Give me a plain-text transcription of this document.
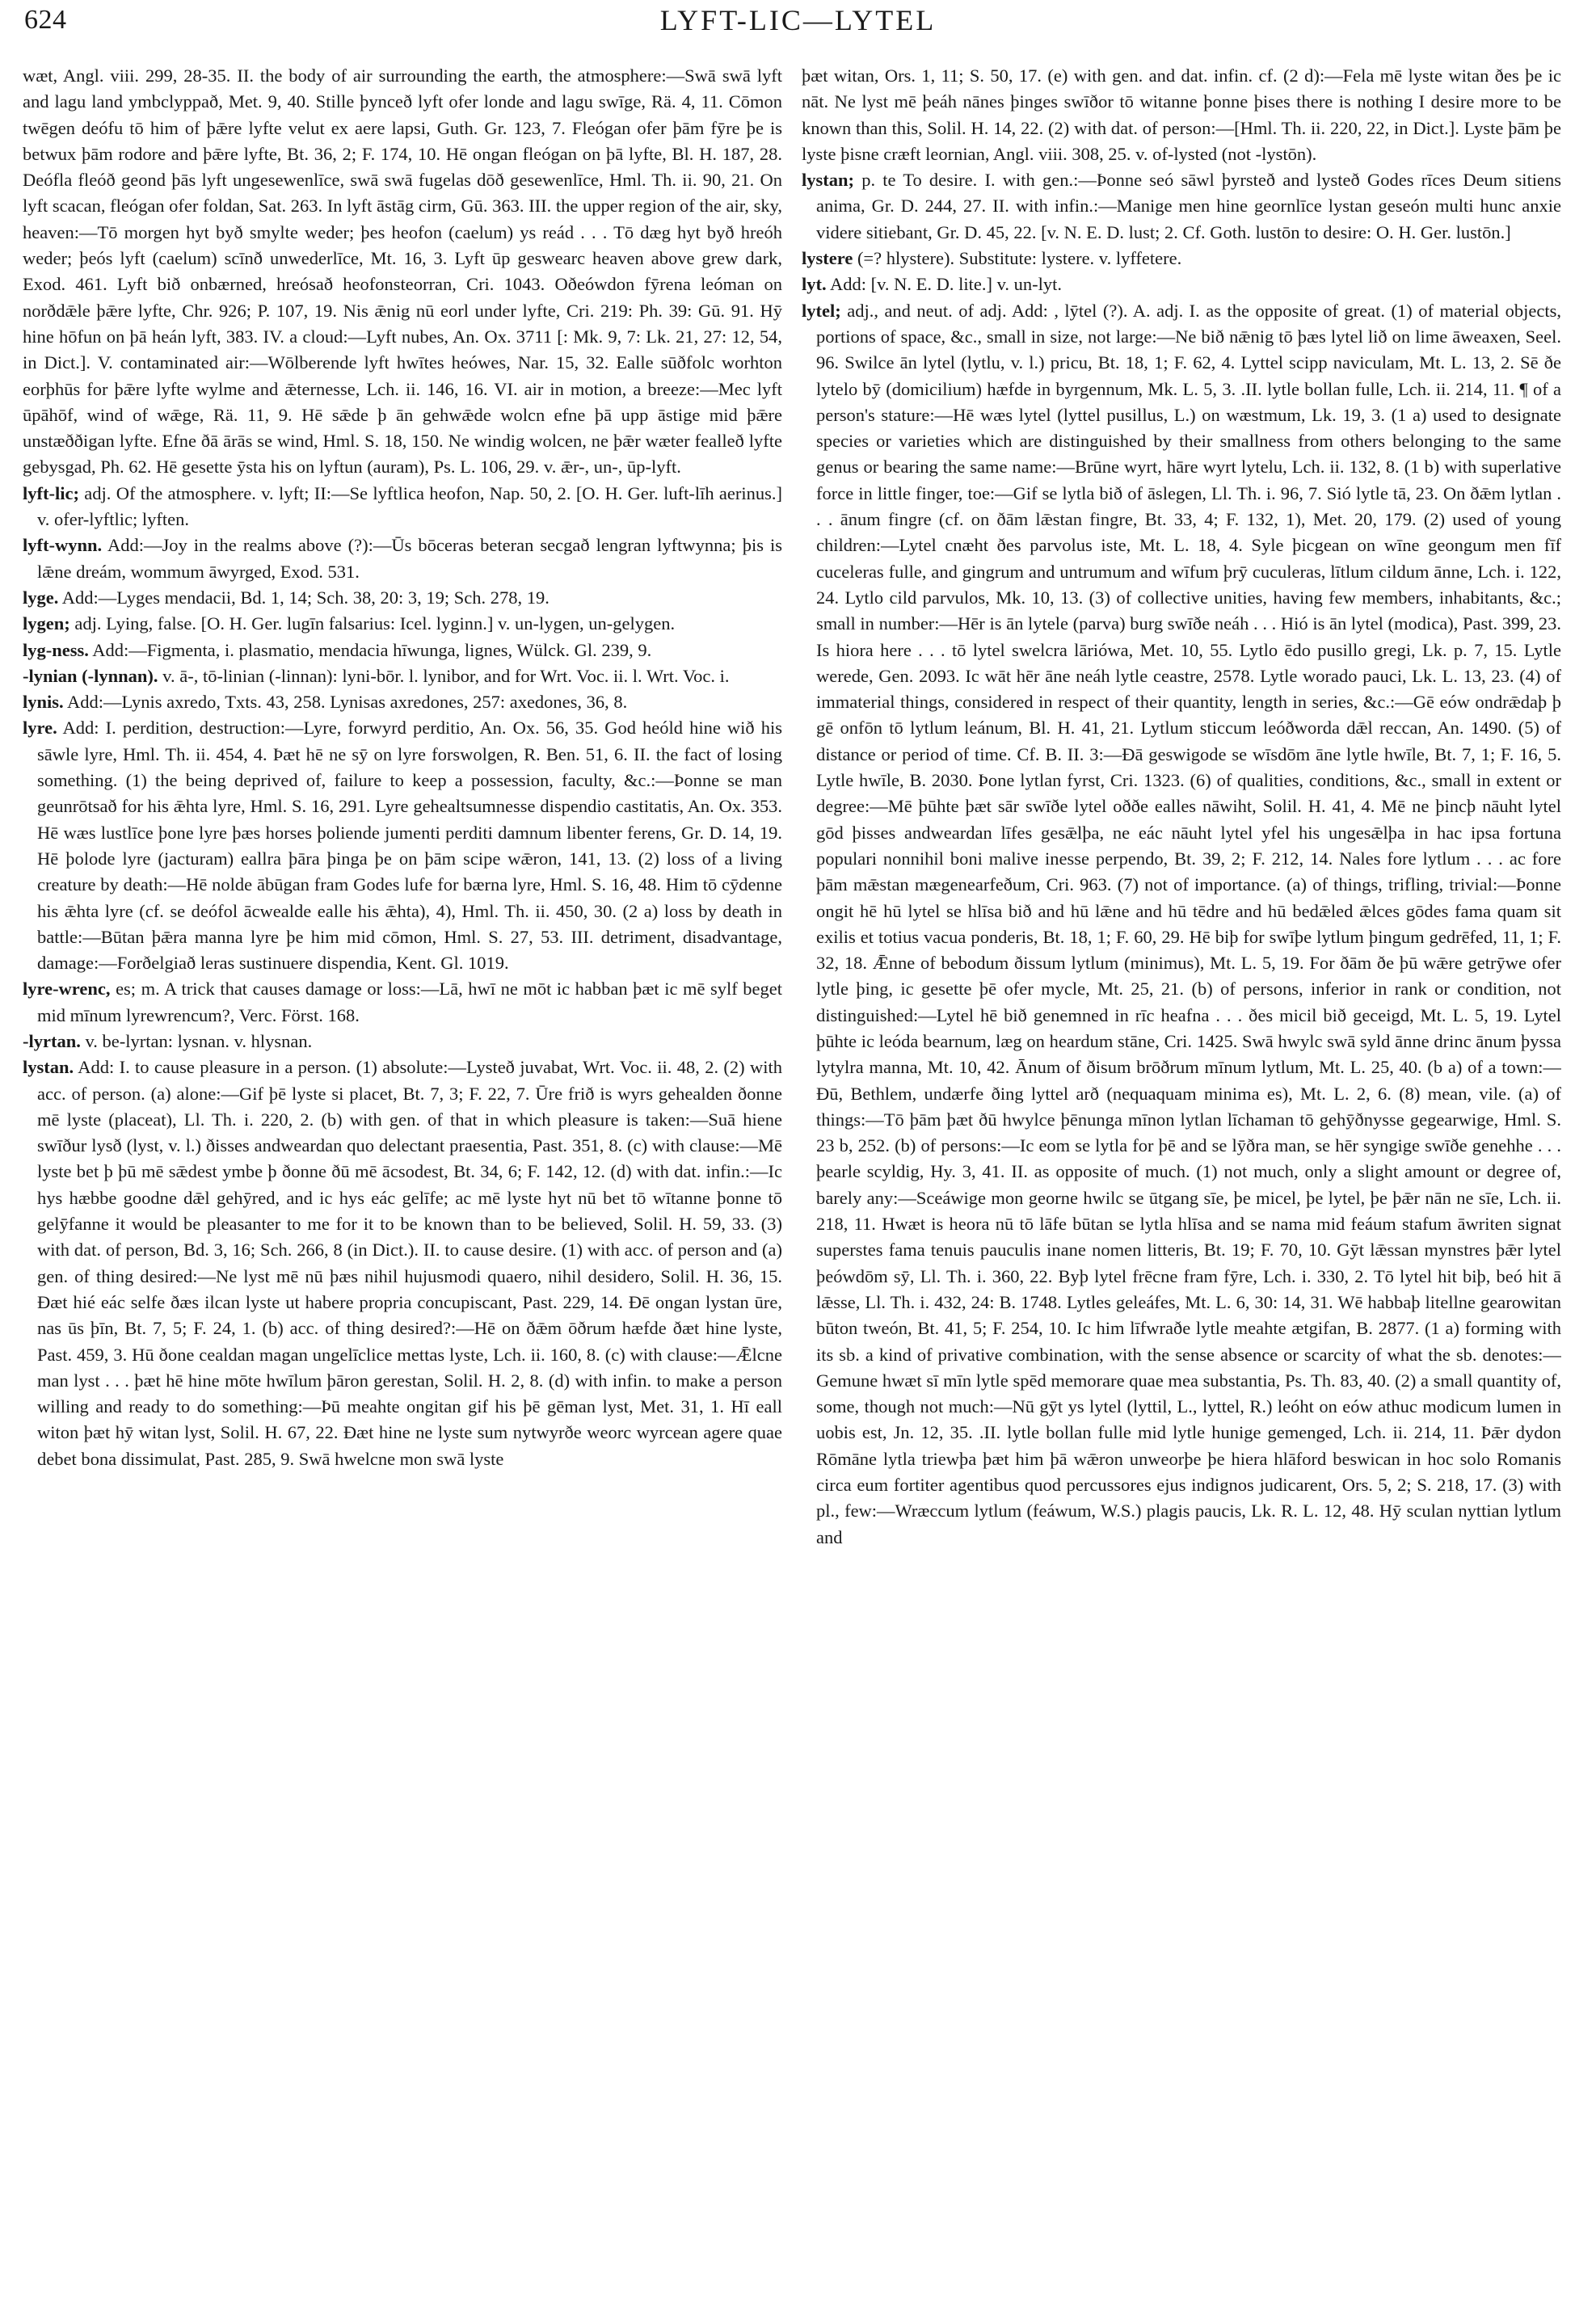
624	LYFT-LIC—LYTEL

wæt, Angl. viii. 299, 28-35. II. the body of air surrounding the earth, the atmosphere:—Swā swā lyft and lagu land ymbclyppað, Met. 9, 40. Stille þynceð lyft ofer londe and lagu swīge, Rä. 4, 11. Cōmon twēgen deófu tō him of þǣre lyfte velut ex aere lapsi, Guth. Gr. 123, 7. Fleógan ofer þām fȳre þe is betwux þām rodore and þǣre lyfte, Bt. 36, 2; F. 174, 10. Hē ongan fleógan on þā lyfte, Bl. H. 187, 28. Deófla fleóð geond þās lyft ungesewenlīce, swā swā fugelas dōð gesewenlīce, Hml. Th. ii. 90, 21. On lyft scacan, fleógan ofer foldan, Sat. 263. In lyft āstāg cirm, Gū. 363. III. the upper region of the air, sky, heaven:—Tō morgen hyt byð smylte weder; þes heofon (caelum) ys reád . . . Tō dæg hyt byð hreóh weder; þeós lyft (caelum) scīnð unwederlīce, Mt. 16, 3. Lyft ūp geswearc heaven above grew dark, Exod. 461. Lyft bið onbærned, hreósað heofonsteorran, Cri. 1043. Oðeówdon fȳrena leóman on norðdǣle þǣre lyfte, Chr. 926; P. 107, 19. Nis ǣnig nū eorl under lyfte, Cri. 219: Ph. 39: Gū. 91. Hȳ hine hōfun on þā heán lyft, 383. IV. a cloud:—Lyft nubes, An. Ox. 3711 [: Mk. 9, 7: Lk. 21, 27: 12, 54, in Dict.]. V. contaminated air:—Wōlberende lyft hwītes heówes, Nar. 15, 32. Ealle sūðfolc worhton eorþhūs for þǣre lyfte wylme and ǣternesse, Lch. ii. 146, 16. VI. air in motion, a breeze:—Mec lyft ūpāhōf, wind of wǣge, Rä. 11, 9. Hē sǣde þ ān gehwǣde wolcn efne þā upp āstige mid þǣre unstæððigan lyfte. Efne ðā ārās se wind, Hml. S. 18, 150. Ne windig wolcen, ne þǣr wæter fealleð lyfte gebysgad, Ph. 62. Hē gesette ȳsta his on lyftun (auram), Ps. L. 106, 29. v. ǣr-, un-, ūp-lyft.

lyft-lic; adj. Of the atmosphere. v. lyft; II:—Se lyftlica heofon, Nap. 50, 2. [O. H. Ger. luft-līh aerinus.] v. ofer-lyftlic; lyften.

lyft-wynn. Add:—Joy in the realms above (?):—Ūs bōceras beteran secgað lengran lyftwynna; þis is lǣne dreám, wommum āwyrged, Exod. 531.

lyge. Add:—Lyges mendacii, Bd. 1, 14; Sch. 38, 20: 3, 19; Sch. 278, 19.

lygen; adj. Lying, false. [O. H. Ger. lugīn falsarius: Icel. lyginn.] v. un-lygen, un-gelygen.

lyg-ness. Add:—Figmenta, i. plasmatio, mendacia hīwunga, lignes, Wülck. Gl. 239, 9.

-lynian (-lynnan). v. ā-, tō-linian (-linnan): lyni-bōr. l. lynibor, and for Wrt. Voc. ii. l. Wrt. Voc. i.

lynis. Add:—Lynis axredo, Txts. 43, 258. Lynisas axredones, 257: axedones, 36, 8.

lyre. Add: I. perdition, destruction:—Lyre, forwyrd perditio, An. Ox. 56, 35. God heóld hine wið his sāwle lyre, Hml. Th. ii. 454, 4. Þæt hē ne sȳ on lyre forswolgen, R. Ben. 51, 6. II. the fact of losing something. (1) the being deprived of, failure to keep a possession, faculty, &c.:—Þonne se man geunrōtsað for his ǣhta lyre, Hml. S. 16, 291. Lyre gehealtsumnesse dispendio castitatis, An. Ox. 353. Hē wæs lustlīce þone lyre þæs horses þoliende jumenti perditi damnum libenter ferens, Gr. D. 14, 19. Hē þolode lyre (jacturam) eallra þāra þinga þe on þām scipe wǣron, 141, 13. (2) loss of a living creature by death:—Hē nolde ābūgan fram Godes lufe for bærna lyre, Hml. S. 16, 48. Him tō cȳdenne his ǣhta lyre (cf. se deófol ācwealde ealle his ǣhta), 4), Hml. Th. ii. 450, 30. (2 a) loss by death in battle:—Būtan þǣra manna lyre þe him mid cōmon, Hml. S. 27, 53. III. detriment, disadvantage, damage:—Forðelgiað leras sustinuere dispendia, Kent. Gl. 1019.

lyre-wrenc, es; m. A trick that causes damage or loss:—Lā, hwī ne mōt ic habban þæt ic mē sylf beget mid mīnum lyrewrencum?, Verc. Först. 168.

-lyrtan. v. be-lyrtan: lysnan. v. hlysnan.

lystan. Add: I. to cause pleasure in a person. (1) absolute:—Lysteð juvabat, Wrt. Voc. ii. 48, 2. (2) with acc. of person. (a) alone:—Gif þē lyste si placet, Bt. 7, 3; F. 22, 7. Ūre frið is wyrs gehealden ðonne mē lyste (placeat), Ll. Th. i. 220, 2. (b) with gen. of that in which pleasure is taken:—Suā hiene swīður lysð (lyst, v. l.) ðisses andweardan quo delectant praesentia, Past. 351, 8. (c) with clause:—Mē lyste bet þ þū mē sǣdest ymbe þ ðonne ðū mē ācsodest, Bt. 34, 6; F. 142, 12. (d) with dat. infin.:—Ic hys hæbbe goodne dǣl gehȳred, and ic hys eác gelīfe; ac mē lyste hyt nū bet tō wītanne þonne tō gelȳfanne it would be pleasanter to me for it to be known than to be believed, Solil. H. 59, 33. (3) with dat. of person, Bd. 3, 16; Sch. 266, 8 (in Dict.). II. to cause desire. (1) with acc. of person and (a) gen. of thing desired:—Ne lyst mē nū þæs nihil hujusmodi quaero, nihil desidero, Solil. H. 36, 15. Ðæt hié eác selfe ðæs ilcan lyste ut habere propria concupiscant, Past. 229, 14. Ðē ongan lystan ūre, nas ūs þīn, Bt. 7, 5; F. 24, 1. (b) acc. of thing desired?:—Hē on ðǣm ōðrum hæfde ðæt hine lyste, Past. 459, 3. Hū ðone cealdan magan ungelīclice mettas lyste, Lch. ii. 160, 8. (c) with clause:—Ǣlcne man lyst . . . þæt hē hine mōte hwīlum þāron gerestan, Solil. H. 2, 8. (d) with infin. to make a person willing and ready to do something:—Þū meahte ongitan gif his þē gēman lyst, Met. 31, 1. Hī eall witon þæt hȳ witan lyst, Solil. H. 67, 22. Ðæt hine ne lyste sum nytwyrðe weorc wyrcean agere quae debet bona dissimulat, Past. 285, 9. Swā hwelcne mon swā lyste

þæt witan, Ors. 1, 11; S. 50, 17. (e) with gen. and dat. infin. cf. (2 d):—Fela mē lyste witan ðes þe ic nāt. Ne lyst mē þeáh nānes þinges swīðor tō witanne þonne þises there is nothing I desire more to be known than this, Solil. H. 14, 22. (2) with dat. of person:—[Hml. Th. ii. 220, 22, in Dict.]. Lyste þām þe lyste þisne cræft leornian, Angl. viii. 308, 25. v. of-lysted (not -lystōn).

lystan; p. te To desire. I. with gen.:—Þonne seó sāwl þyrsteð and lysteð Godes rīces Deum sitiens anima, Gr. D. 244, 27. II. with infin.:—Manige men hine geornlīce lystan geseón multi hunc anxie videre sitiebant, Gr. D. 45, 22. [v. N. E. D. lust; 2. Cf. Goth. lustōn to desire: O. H. Ger. lustōn.]

lystere (=? hlystere). Substitute: lystere. v. lyffetere.

lyt. Add: [v. N. E. D. lite.] v. un-lyt.

lytel; adj., and neut. of adj. Add: , lȳtel (?). A. adj. I. as the opposite of great. (1) of material objects, portions of space, &c., small in size, not large:—Ne bið nǣnig tō þæs lytel lið on lime āweaxen, Seel. 96. Swilce ān lytel (lytlu, v. l.) pricu, Bt. 18, 1; F. 62, 4. Lyttel scipp naviculam, Mt. L. 13, 2. Sē ðe lytelo bȳ (domicilium) hæfde in byrgennum, Mk. L. 5, 3. .II. lytle bollan fulle, Lch. ii. 214, 11. ¶ of a person's stature:—Hē wæs lytel (lyttel pusillus, L.) on wæstmum, Lk. 19, 3. (1 a) used to designate species or varieties which are distinguished by their smallness from others belonging to the same genus or bearing the same name:—Brūne wyrt, hāre wyrt lytelu, Lch. ii. 132, 8. (1 b) with superlative force in little finger, toe:—Gif se lytla bið of āslegen, Ll. Th. i. 96, 7. Sió lytle tā, 23. On ðǣm lytlan . . . ānum fingre (cf. on ðām lǣstan fingre, Bt. 33, 4; F. 132, 1), Met. 20, 179. (2) used of young children:—Lytel cnæht ðes parvolus iste, Mt. L. 18, 4. Syle þicgean on wīne geongum men fīf cuceleras fulle, and gingrum and untrumum and wīfum þrȳ cuculeras, lītlum cildum ānne, Lch. i. 122, 24. Lytlo cild parvulos, Mk. 10, 13. (3) of collective unities, having few members, inhabitants, &c.; small in number:—Hēr is ān lytele (parva) burg swīðe neáh . . . Hió is ān lytel (modica), Past. 399, 23. Is hiora here . . . tō lytel swelcra lāriówa, Met. 10, 55. Lytlo ēdo pusillo gregi, Lk. p. 7, 15. Lytle werede, Gen. 2093. Ic wāt hēr āne neáh lytle ceastre, 2578. Lytle worado pauci, Lk. L. 13, 23. (4) of immaterial things, considered in respect of their quantity, length in series, &c.:—Gē eów ondrǣdaþ þ gē onfōn tō lytlum leánum, Bl. H. 41, 21. Lytlum sticcum leóðworda dǣl reccan, An. 1490. (5) of distance or period of time. Cf. B. II. 3:—Ðā geswigode se wīsdōm āne lytle hwīle, Bt. 7, 1; F. 16, 5. Lytle hwīle, B. 2030. Þone lytlan fyrst, Cri. 1323. (6) of qualities, conditions, &c., small in extent or degree:—Mē þūhte þæt sār swīðe lytel oððe ealles nāwiht, Solil. H. 41, 4. Mē ne þincþ nāuht lytel gōd þisses andweardan līfes gesǣlþa, ne eác nāuht lytel yfel his ungesǣlþa in hac ipsa fortuna populari nonnihil boni malive inesse perpendo, Bt. 39, 2; F. 212, 14. Nales fore lytlum . . . ac fore þām mǣstan mægenearfeðum, Cri. 963. (7) not of importance. (a) of things, trifling, trivial:—Þonne ongit hē hū lytel se hlīsa bið and hū lǣne and hū tēdre and hū bedǣled ǣlces gōdes fama quam sit exilis et totius vacua ponderis, Bt. 18, 1; F. 60, 29. Hē biþ for swīþe lytlum þingum gedrēfed, 11, 1; F. 32, 18. Ǣnne of bebodum ðissum lytlum (minimus), Mt. L. 5, 19. For ðām ðe þū wǣre getrȳwe ofer lytle þing, ic gesette þē ofer mycle, Mt. 25, 21. (b) of persons, inferior in rank or condition, not distinguished:—Lytel hē bið genemned in rīc heafna . . . ðes micil bið geceigd, Mt. L. 5, 19. Lytel þūhte ic leóda bearnum, læg on heardum stāne, Cri. 1425. Swā hwylc swā syld ānne drinc ānum þyssa lytylra manna, Mt. 10, 42. Ānum of ðisum brōðrum mīnum lytlum, Mt. L. 25, 40. (b a) of a town:—Ðū, Bethlem, undærfe ðing lyttel arð (nequaquam minima es), Mt. L. 2, 6. (8) mean, vile. (a) of things:—Tō þām þæt ðū hwylce þēnunga mīnon lytlan līchaman tō gehȳðnysse gegearwige, Hml. S. 23 b, 252. (b) of persons:—Ic eom se lytla for þē and se lȳðra man, se hēr syngige swīðe genehhe . . . þearle scyldig, Hy. 3, 41. II. as opposite of much. (1) not much, only a slight amount or degree of, barely any:—Sceáwige mon georne hwilc se ūtgang sīe, þe micel, þe lytel, þe þǣr nān ne sīe, Lch. ii. 218, 11. Hwæt is heora nū tō lāfe būtan se lytla hlīsa and se nama mid feáum stafum āwriten signat superstes fama tenuis pauculis inane nomen litteris, Bt. 19; F. 70, 10. Gȳt lǣssan mynstres þǣr lytel þeówdōm sȳ, Ll. Th. i. 360, 22. Byþ lytel frēcne fram fȳre, Lch. i. 330, 2. Tō lytel hit biþ, beó hit ā lǣsse, Ll. Th. i. 432, 24: B. 1748. Lytles geleáfes, Mt. L. 6, 30: 14, 31. Wē habbaþ litellne gearowitan būton tweón, Bt. 41, 5; F. 254, 10. Ic him līfwraðe lytle meahte ætgifan, B. 2877. (1 a) forming with its sb. a kind of privative combination, with the sense absence or scarcity of what the sb. denotes:—Gemune hwæt sī mīn lytle spēd memorare quae mea substantia, Ps. Th. 83, 40. (2) a small quantity of, some, though not much:—Nū gȳt ys lytel (lyttil, L., lyttel, R.) leóht on eów athuc modicum lumen in uobis est, Jn. 12, 35. .II. lytle bollan fulle mid lytle hunige gemenged, Lch. ii. 214, 11. Þǣr dydon Rōmāne lytla triewþa þæt him þā wǣron unweorþe þe hiera hlāford beswican in hoc solo Romanis circa eum fortiter agentibus quod percussores ejus indignos judicarent, Ors. 5, 2; S. 218, 17. (3) with pl., few:—Wræccum lytlum (feáwum, W.S.) plagis paucis, Lk. R. L. 12, 48. Hȳ sculan nyttian lytlum and
